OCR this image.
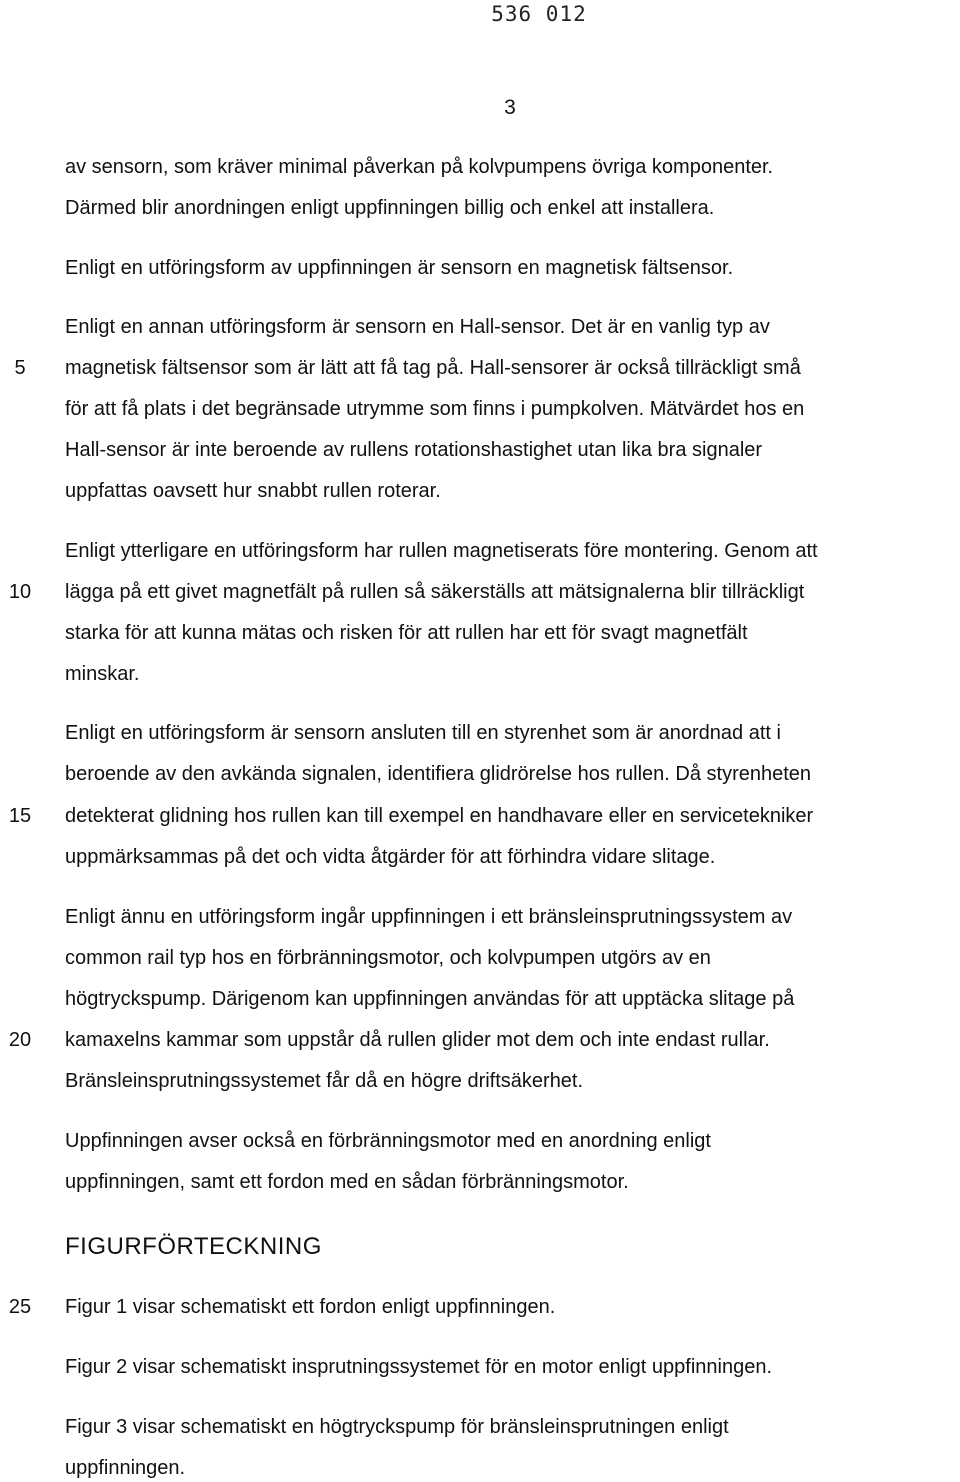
536 012
3
av sensorn, som kräver minimal påverkan på kolvpumpens övriga komponenter.
Därmed blir anordningen enligt uppfinningen billig och enkel att installera.
Enligt en utföringsform av uppfinningen är sensorn en magnetisk fältsensor.
Enligt en annan utföringsform är sensorn en Hall-sensor. Det är en vanlig typ av
magnetisk fältsensor som är lätt att få tag på. Hall-sensorer är också tillräckligt små
för att få plats i det begränsade utrymme som finns i pumpkolven. Mätvärdet hos en
Hall-sensor är inte beroende av rullens rotationshastighet utan lika bra signaler
uppfattas oavsett hur snabbt rullen roterar.
Enligt ytterligare en utföringsform har rullen magnetiserats före montering. Genom att
lägga på ett givet magnetfält på rullen så säkerställs att mätsignalerna blir tillräckligt
starka för att kunna mätas och risken för att rullen har ett för svagt magnetfält
minskar.
Enligt en utföringsform är sensorn ansluten till en styrenhet som är anordnad att i
beroende av den avkända signalen, identifiera glidrörelse hos rullen. Då styrenheten
detekterat glidning hos rullen kan till exempel en handhavare eller en servicetekniker
uppmärksammas på det och vidta åtgärder för att förhindra vidare slitage.
Enligt ännu en utföringsform ingår uppfinningen i ett bränsleinsprutningssystem av
common rail typ hos en förbränningsmotor, och kolvpumpen utgörs av en
högtryckspump. Därigenom kan uppfinningen användas för att upptäcka slitage på
kamaxelns kammar som uppstår då rullen glider mot dem och inte endast rullar.
Bränsleinsprutningssystemet får då en högre driftsäkerhet.
Uppfinningen avser också en förbränningsmotor med en anordning enligt
uppfinningen, samt ett fordon med en sådan förbränningsmotor.
FIGURFÖRTECKNING
Figur 1 visar schematiskt ett fordon enligt uppfinningen.
Figur 2 visar schematiskt insprutningssystemet för en motor enligt uppfinningen.
Figur 3 visar schematiskt en högtryckspump för bränsleinsprutningen enligt
uppfinningen.
5
10
15
20
25
